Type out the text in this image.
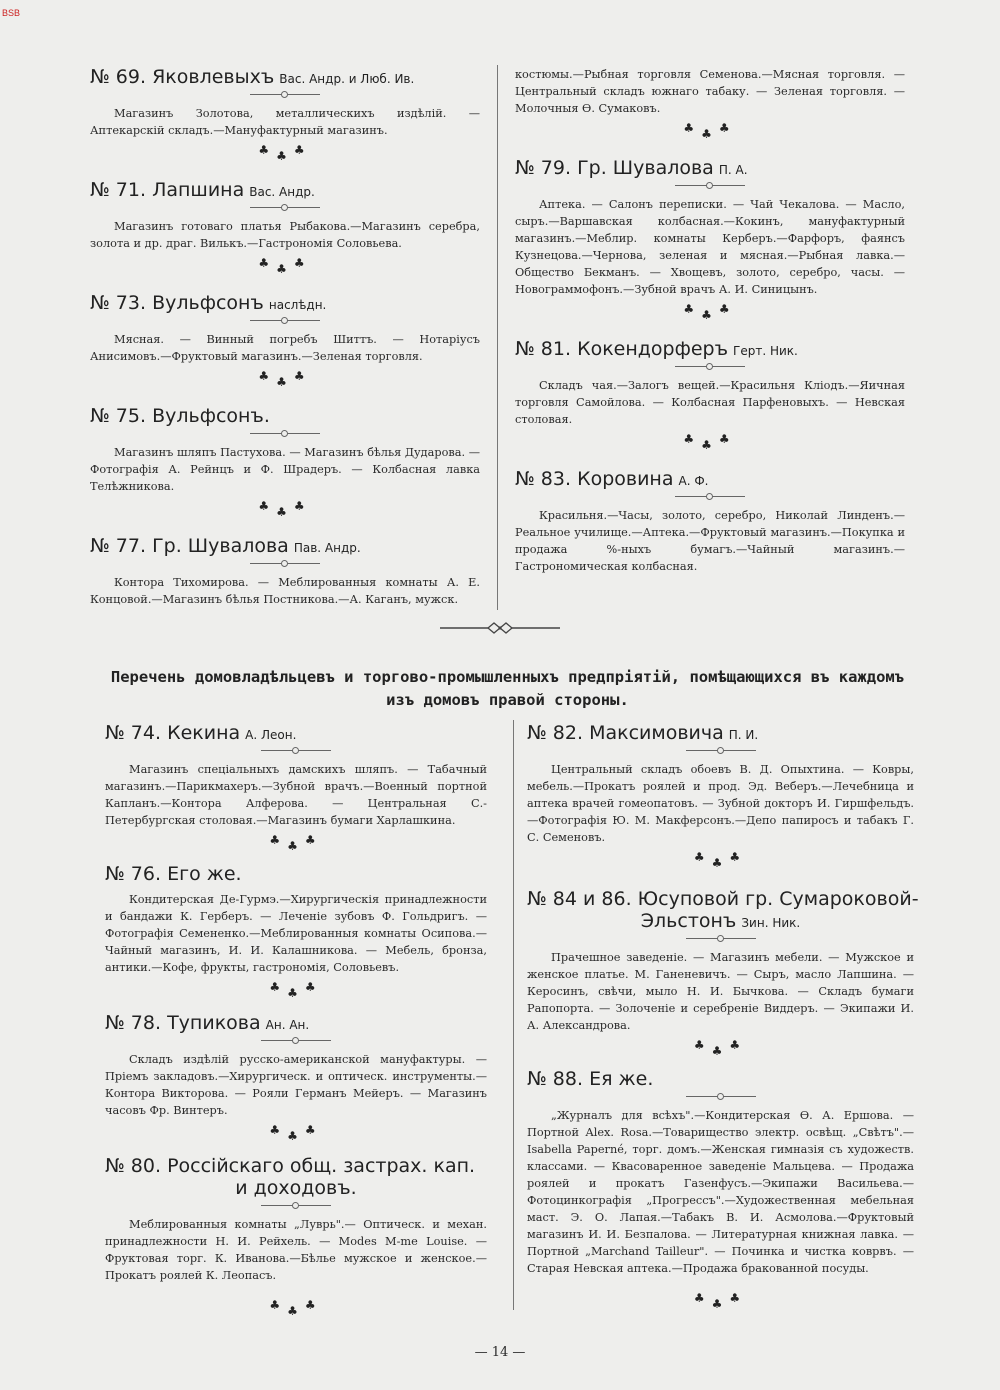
BSB
№ 69. Яковлевыхъ Вас. Андр. и Люб. Ив.

Магазинъ Золотова, металлическихъ издѣлій. — Аптекарскій складъ.—Мануфактурный магазинъ.

♣♣♣
№ 71. Лапшина Вас. Андр.

Магазинъ готоваго платья Рыбакова.—Магазинъ серебра, золота и др. драг. Вилькъ.—Гастрономія Соловьева.

♣♣♣
№ 73. Вульфсонъ наслѣдн.

Мясная. — Винный погребъ Шиттъ. — Нотаріусъ Анисимовъ.—Фруктовый магазинъ.—Зеленая торговля.

♣♣♣
№ 75. Вульфсонъ.

Магазинъ шляпъ Пастухова. — Магазинъ бѣлья Дударова. — Фотографія А. Рейнцъ и Ф. Шрадеръ. — Колбасная лавка Телѣжникова.

♣♣♣
№ 77. Гр. Шувалова Пав. Андр.

Контора Тихомирова. — Меблированныя комнаты А. Е. Концовой.—Магазинъ бѣлья Постникова.—А. Каганъ, мужск.

костюмы.—Рыбная торговля Семенова.—Мясная торговля. — Центральный складъ южнаго табаку. — Зеленая торговля. — Молочныя Ѳ. Сумаковъ.

♣♣♣
№ 79. Гр. Шувалова П. А.

Аптека. — Салонъ переписки. — Чай Чекалова. — Масло, сыръ.—Варшавская колбасная.—Кокинъ, мануфактурный магазинъ.—Меблир. комнаты Керберъ.—Фарфоръ, фаянсъ Кузнецова.—Чернова, зеленая и мясная.—Рыбная лавка.—Общество Бекманъ. — Хвощевъ, золото, серебро, часы. — Новограммофонъ.—Зубной врачъ А. И. Синицынъ.

♣♣♣
№ 81. Кокендорферъ Герт. Ник.

Складъ чая.—Залогъ вещей.—Красильня Кліодъ.—Яичная торговля Самойлова. — Колбасная Парфеновыхъ. — Невская столовая.

♣♣♣
№ 83. Коровина А. Ф.

Красильня.—Часы, золото, серебро, Николай Линденъ.—Реальное училище.—Аптека.—Фруктовый магазинъ.—Покупка и продажа %-ныхъ бумагъ.—Чайный магазинъ.—Гастрономическая колбасная.

Перечень домовладѣльцевъ и торгово-промышленныхъ предпріятій, помѣщающихся въ каждомъ
изъ домовъ правой стороны.
№ 74. Кекина А. Леон.

Магазинъ спеціальныхъ дамскихъ шляпъ. — Табачный магазинъ.—Парикмахеръ.—Зубной врачъ.—Военный портной Капланъ.—Контора Алферова. — Центральная С.-Петербургская столовая.—Магазинъ бумаги Харлашкина.

♣♣♣
№ 76. Его же.

Кондитерская Де-Гурмэ.—Хирургическія принадлежности и бандажи К. Герберъ. — Леченіе зубовъ Ф. Гольдригъ. — Фотографія Семененко.—Меблированныя комнаты Осипова.— Чайный магазинъ, И. И. Калашникова. — Мебель, бронза, антики.—Кофе, фрукты, гастрономія, Соловьевъ.

♣♣♣
№ 78. Тупикова Ан. Ан.

Складъ издѣлій русско-американской мануфактуры. — Пріемъ закладовъ.—Хирургическ. и оптическ. инструменты.— Контора Викторова. — Рояли Германъ Мейеръ. — Магазинъ часовъ Фр. Винтеръ.

♣♣♣
№ 80. Россійскаго общ. застрах. кап.
и доходовъ.

Меблированныя комнаты „Луврь".— Оптическ. и механ. принадлежности Н. И. Рейхель. — Modes M-me Louise. — Фруктовая торг. К. Иванова.—Бѣлье мужское и женское.— Прокатъ роялей К. Леопасъ.

♣♣♣
№ 82. Максимовича П. И.

Центральный складъ обоевъ В. Д. Опыхтина. — Ковры, мебель.—Прокатъ роялей и прод. Эд. Веберъ.—Лечебница и аптека врачей гомеопатовъ. — Зубной докторъ И. Гиршфельдъ.—Фотографія Ю. М. Макферсонъ.—Депо папиросъ и табакъ Г. С. Семеновъ.

♣♣♣
№ 84 и 86. Юсуповой гр. Сумароковой-
Эльстонъ Зин. Ник.

Прачешное заведеніе. — Магазинъ мебели. — Мужское и женское платье. М. Ганеневичъ. — Сыръ, масло Лапшина. — Керосинъ, свѣчи, мыло Н. И. Бычкова. — Складъ бумаги Рапопорта. — Золоченіе и серебреніе Виддеръ. — Экипажи И. А. Александрова.

♣♣♣
№ 88. Ея же.

„Журналъ для всѣхъ".—Кондитерская Ѳ. А. Ершова. — Портной Alex. Rosa.—Товарищество электр. освѣщ. „Свѣтъ".— Isabella Paperné, торг. домъ.—Женская гимназія съ художеств. классами. — Квасоваренное заведеніе Мальцева. — Продажа роялей и прокатъ Газенфусъ.—Экипажи Васильева.—Фотоцинкографія „Прогрессъ".—Художественная мебельная маст. Э. О. Лапая.—Табакъ В. И. Асмолова.—Фруктовый магазинъ И. И. Безпалова. — Литературная книжная лавка. — Портной „Marchand Tailleur". — Починка и чистка коврвъ. — Старая Невская аптека.—Продажа бракованной посуды.

♣♣♣
— 14 —
